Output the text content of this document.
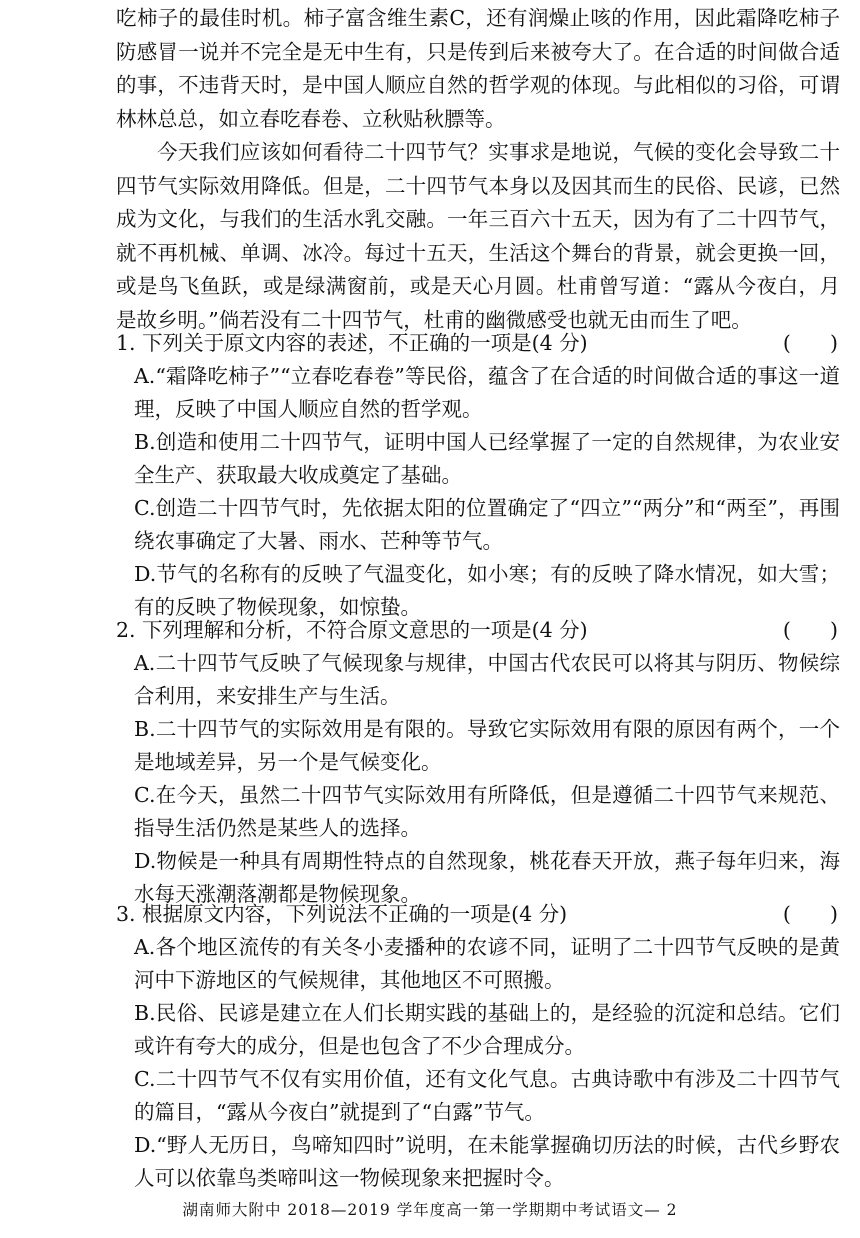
吃柿子的最佳时机。柿子富含维生素C，还有润燥止咳的作用，因此霜降吃柿子防感冒一说并不完全是无中生有，只是传到后来被夸大了。在合适的时间做合适的事，不违背天时，是中国人顺应自然的哲学观的体现。与此相似的习俗，可谓林林总总，如立春吃春卷、立秋贴秋膘等。
今天我们应该如何看待二十四节气？实事求是地说，气候的变化会导致二十四节气实际效用降低。但是，二十四节气本身以及因其而生的民俗、民谚，已然成为文化，与我们的生活水乳交融。一年三百六十五天，因为有了二十四节气，就不再机械、单调、冰冷。每过十五天，生活这个舞台的背景，就会更换一回，或是鸟飞鱼跃，或是绿满窗前，或是天心月圆。杜甫曾写道：“露从今夜白，月是故乡明。”倘若没有二十四节气，杜甫的幽微感受也就无由而生了吧。
1. 下列关于原文内容的表述，不正确的一项是(4 分)	(      )
A.“霜降吃柿子”“立春吃春卷”等民俗，蕴含了在合适的时间做合适的事这一道理，反映了中国人顺应自然的哲学观。
B.创造和使用二十四节气，证明中国人已经掌握了一定的自然规律，为农业安全生产、获取最大收成奠定了基础。
C.创造二十四节气时，先依据太阳的位置确定了“四立”“两分”和“两至”，再围绕农事确定了大暑、雨水、芒种等节气。
D.节气的名称有的反映了气温变化，如小寒；有的反映了降水情况，如大雪；有的反映了物候现象，如惊蛰。
2. 下列理解和分析，不符合原文意思的一项是(4 分)	(      )
A.二十四节气反映了气候现象与规律，中国古代农民可以将其与阴历、物候综合利用，来安排生产与生活。
B.二十四节气的实际效用是有限的。导致它实际效用有限的原因有两个，一个是地域差异，另一个是气候变化。
C.在今天，虽然二十四节气实际效用有所降低，但是遵循二十四节气来规范、指导生活仍然是某些人的选择。
D.物候是一种具有周期性特点的自然现象，桃花春天开放，燕子每年归来，海水每天涨潮落潮都是物候现象。
3. 根据原文内容，下列说法不正确的一项是(4 分)	(      )
A.各个地区流传的有关冬小麦播种的农谚不同，证明了二十四节气反映的是黄河中下游地区的气候规律，其他地区不可照搬。
B.民俗、民谚是建立在人们长期实践的基础上的，是经验的沉淀和总结。它们或许有夸大的成分，但是也包含了不少合理成分。
C.二十四节气不仅有实用价值，还有文化气息。古典诗歌中有涉及二十四节气的篇目，“露从今夜白”就提到了“白露”节气。
D.“野人无历日，鸟啼知四时”说明，在未能掌握确切历法的时候，古代乡野农人可以依靠鸟类啼叫这一物候现象来把握时令。
湖南师大附中 2018—2019 学年度高一第一学期期中考试语文— 2
